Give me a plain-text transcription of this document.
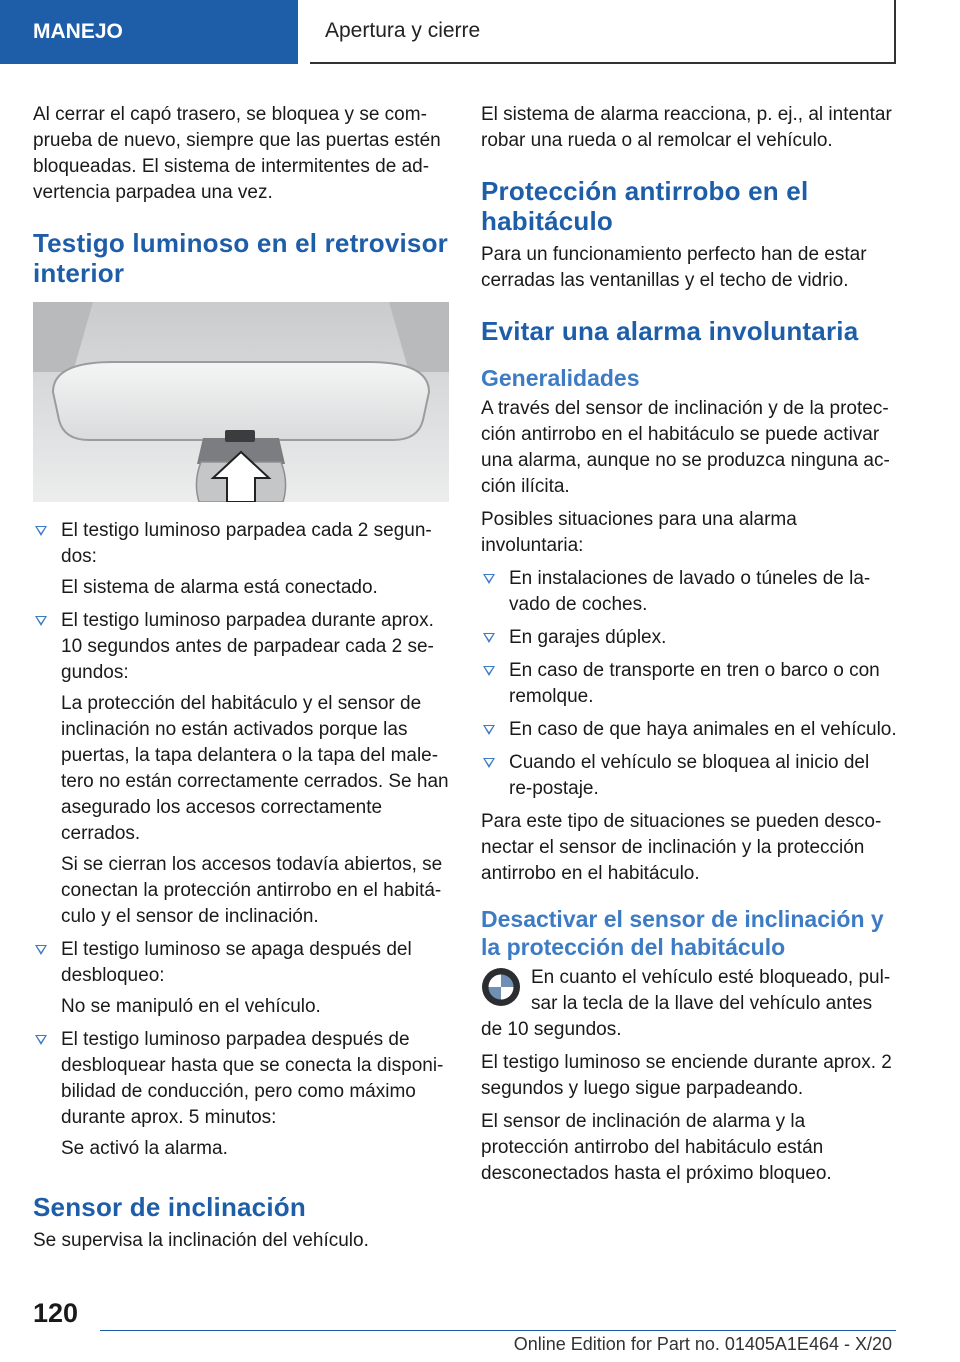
MANEJO	Apertura y cierre

Al cerrar el capó trasero, se bloquea y se com-prueba de nuevo, siempre que las puertas estén bloqueadas. El sistema de intermitentes de ad-vertencia parpadea una vez.

Testigo luminoso en el retrovisor interior

El testigo luminoso parpadea cada 2 segun-dos:

El sistema de alarma está conectado.

El testigo luminoso parpadea durante aprox. 10 segundos antes de parpadear cada 2 se-gundos:

La protección del habitáculo y el sensor de inclinación no están activados porque las puertas, la tapa delantera o la tapa del male-tero no están correctamente cerrados. Se han asegurado los accesos correctamente cerrados.

Si se cierran los accesos todavía abiertos, se conectan la protección antirrobo en el habitá-culo y el sensor de inclinación.

El testigo luminoso se apaga después del desbloqueo:

No se manipuló en el vehículo.

El testigo luminoso parpadea después de desbloquear hasta que se conecta la disponi-bilidad de conducción, pero como máximo durante aprox. 5 minutos:

Se activó la alarma.

Sensor de inclinación

Se supervisa la inclinación del vehículo.

El sistema de alarma reacciona, p. ej., al intentar robar una rueda o al remolcar el vehículo.

Protección antirrobo en el habitáculo

Para un funcionamiento perfecto han de estar cerradas las ventanillas y el techo de vidrio.

Evitar una alarma involuntaria
Generalidades

A través del sensor de inclinación y de la protec-ción antirrobo en el habitáculo se puede activar una alarma, aunque no se produzca ninguna ac-ción ilícita.

Posibles situaciones para una alarma involuntaria:

En instalaciones de lavado o túneles de la-vado de coches.

En garajes dúplex.

En caso de transporte en tren o barco o con remolque.

En caso de que haya animales en el vehículo.

Cuando el vehículo se bloquea al inicio del re-postaje.

Para este tipo de situaciones se pueden desco-nectar el sensor de inclinación y la protección antirrobo en el habitáculo.

Desactivar el sensor de inclinación y la protección del habitáculo

En cuanto el vehículo esté bloqueado, pul-sar la tecla de la llave del vehículo antes de 10 segundos.

El testigo luminoso se enciende durante aprox. 2 segundos y luego sigue parpadeando.

El sensor de inclinación de alarma y la protección antirrobo del habitáculo están desconectados hasta el próximo bloqueo.

120
Online Edition for Part no. 01405A1E464 - X/20
